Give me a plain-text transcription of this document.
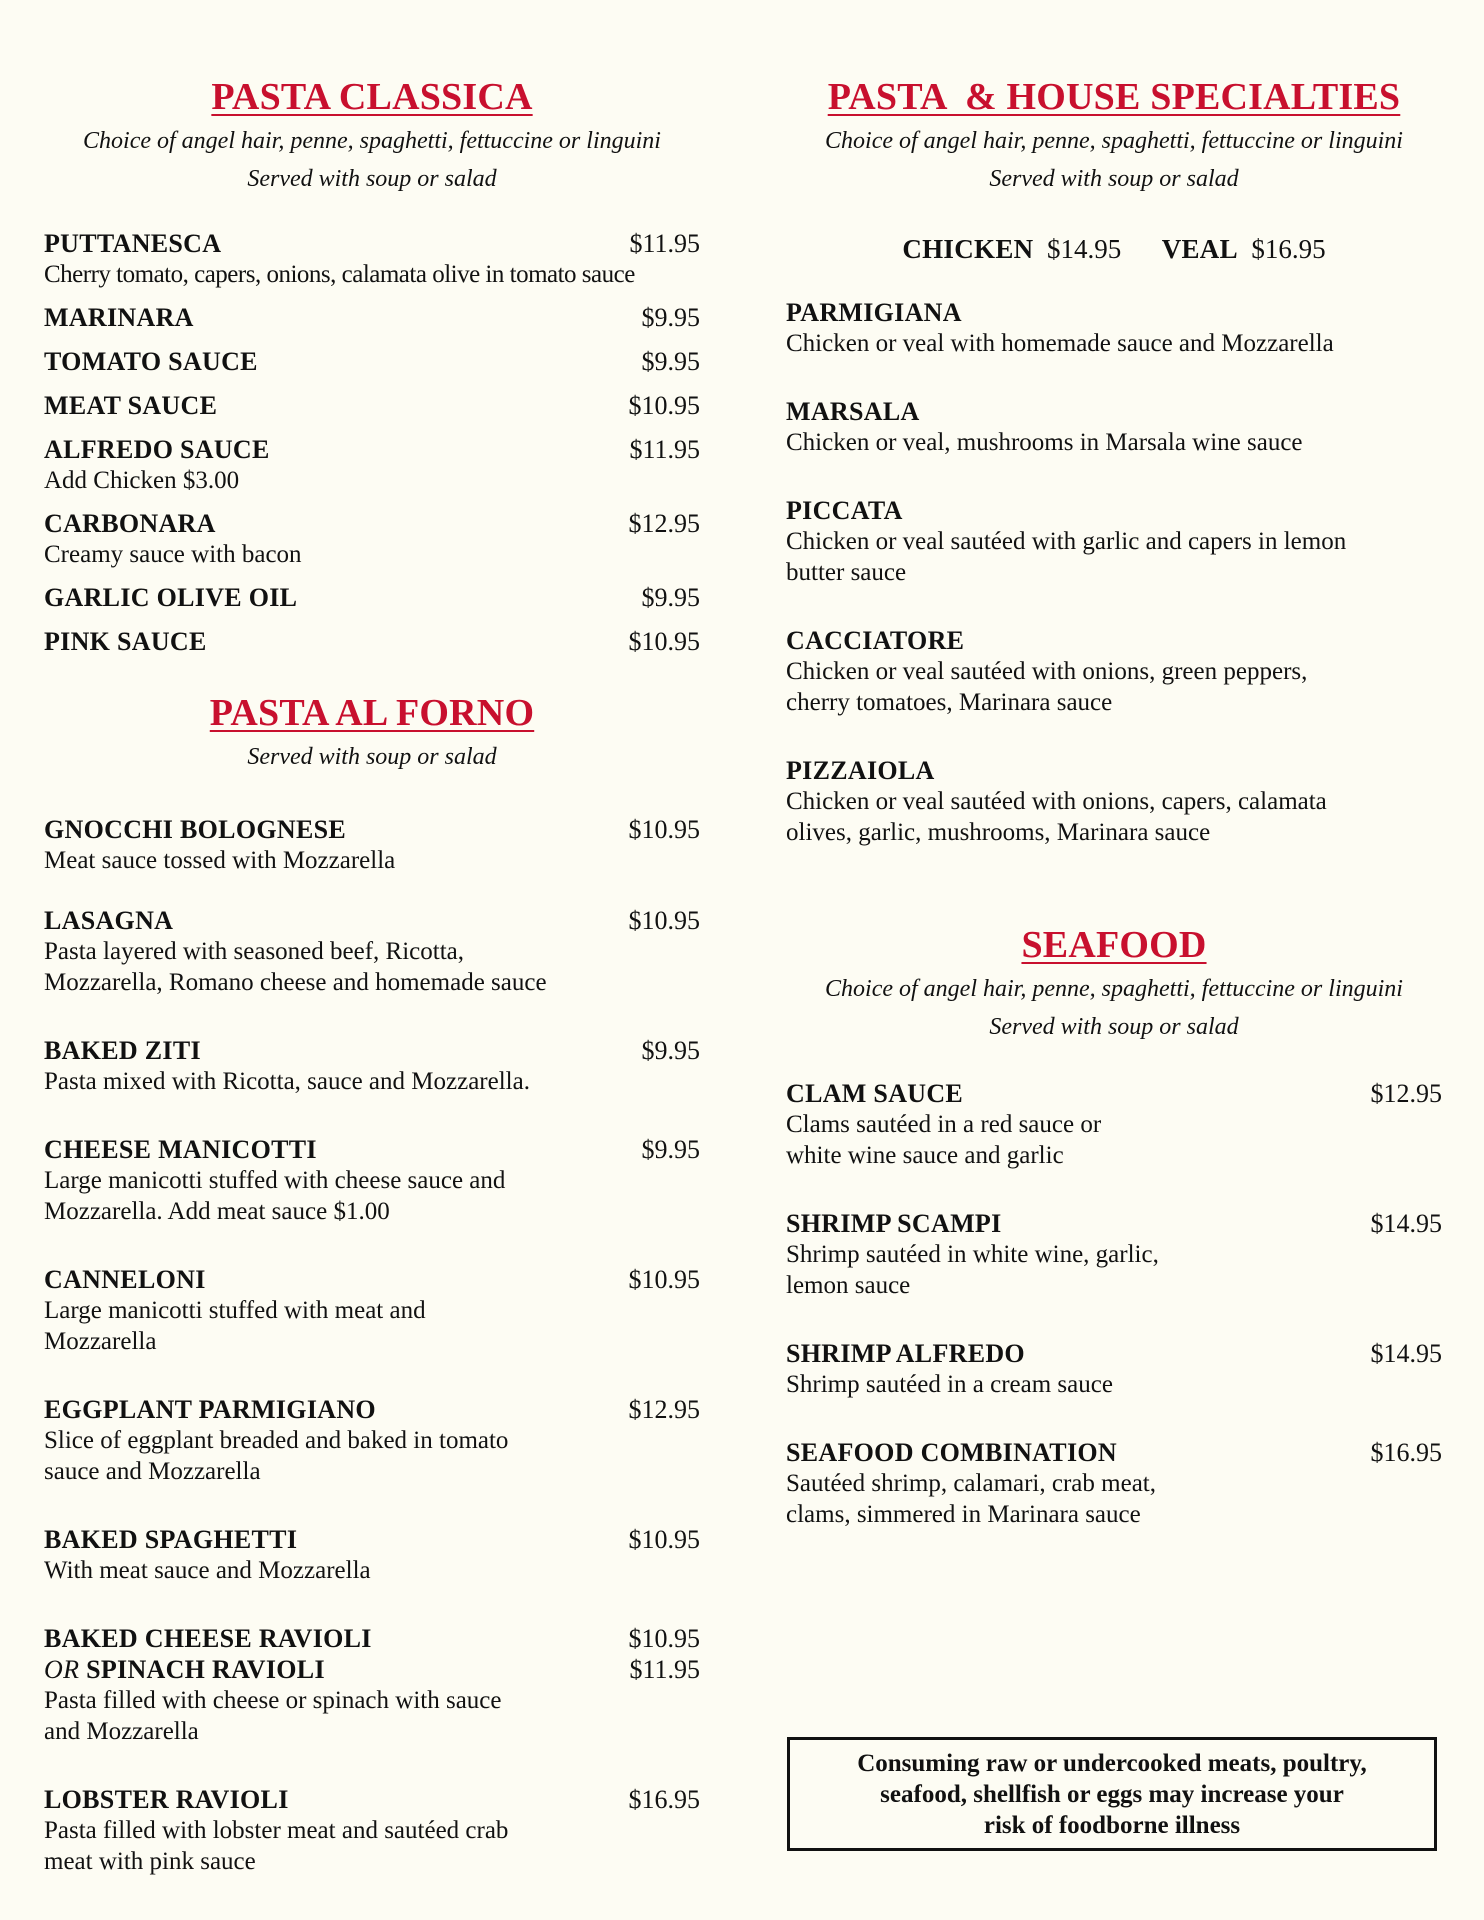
PASTA CLASSICA

Choice of angel hair, penne, spaghetti, fettuccine or linguini

Served with soup or salad

PUTTANESCA	$11.95
Cherry tomato, capers, onions, calamata olive in tomato sauce
MARINARA	$9.95
TOMATO SAUCE	$9.95
MEAT SAUCE	$10.95
ALFREDO SAUCE	$11.95
Add Chicken $3.00
CARBONARA	$12.95
Creamy sauce with bacon
GARLIC OLIVE OIL	$9.95
PINK SAUCE	$10.95
PASTA AL FORNO

Served with soup or salad

GNOCCHI BOLOGNESE	$10.95
Meat sauce tossed with Mozzarella
LASAGNA	$10.95
Pasta layered with seasoned beef, Ricotta,
Mozzarella, Romano cheese and homemade sauce
BAKED ZITI	$9.95
Pasta mixed with Ricotta, sauce and Mozzarella.
CHEESE MANICOTTI	$9.95
Large manicotti stuffed with cheese sauce and
Mozzarella. Add meat sauce $1.00
CANNELONI	$10.95
Large manicotti stuffed with meat and
Mozzarella
EGGPLANT PARMIGIANO	$12.95
Slice of eggplant breaded and baked in tomato
sauce and Mozzarella
BAKED SPAGHETTI	$10.95
With meat sauce and Mozzarella
BAKED CHEESE RAVIOLI	$10.95
OR SPINACH RAVIOLI	$11.95
Pasta filled with cheese or spinach with sauce
and Mozzarella
LOBSTER RAVIOLI	$16.95
Pasta filled with lobster meat and sautéed crab
meat with pink sauce
PASTA  & HOUSE SPECIALTIES

Choice of angel hair, penne, spaghetti, fettuccine or linguini

Served with soup or salad

CHICKEN $14.95 VEAL $16.95
PARMIGIANA
Chicken or veal with homemade sauce and Mozzarella
MARSALA
Chicken or veal, mushrooms in Marsala wine sauce
PICCATA
Chicken or veal sautéed with garlic and capers in lemon
butter sauce
CACCIATORE
Chicken or veal sautéed with onions, green peppers,
cherry tomatoes, Marinara sauce
PIZZAIOLA
Chicken or veal sautéed with onions, capers, calamata
olives, garlic, mushrooms, Marinara sauce
SEAFOOD

Choice of angel hair, penne, spaghetti, fettuccine or linguini

Served with soup or salad

CLAM SAUCE	$12.95
Clams sautéed in a red sauce or
white wine sauce and garlic
SHRIMP SCAMPI	$14.95
Shrimp sautéed in white wine, garlic,
lemon sauce
SHRIMP ALFREDO	$14.95
Shrimp sautéed in a cream sauce
SEAFOOD COMBINATION	$16.95
Sautéed shrimp, calamari, crab meat,
clams, simmered in Marinara sauce
Consuming raw or undercooked meats, poultry,
seafood, shellfish or eggs may increase your
risk of foodborne illness
